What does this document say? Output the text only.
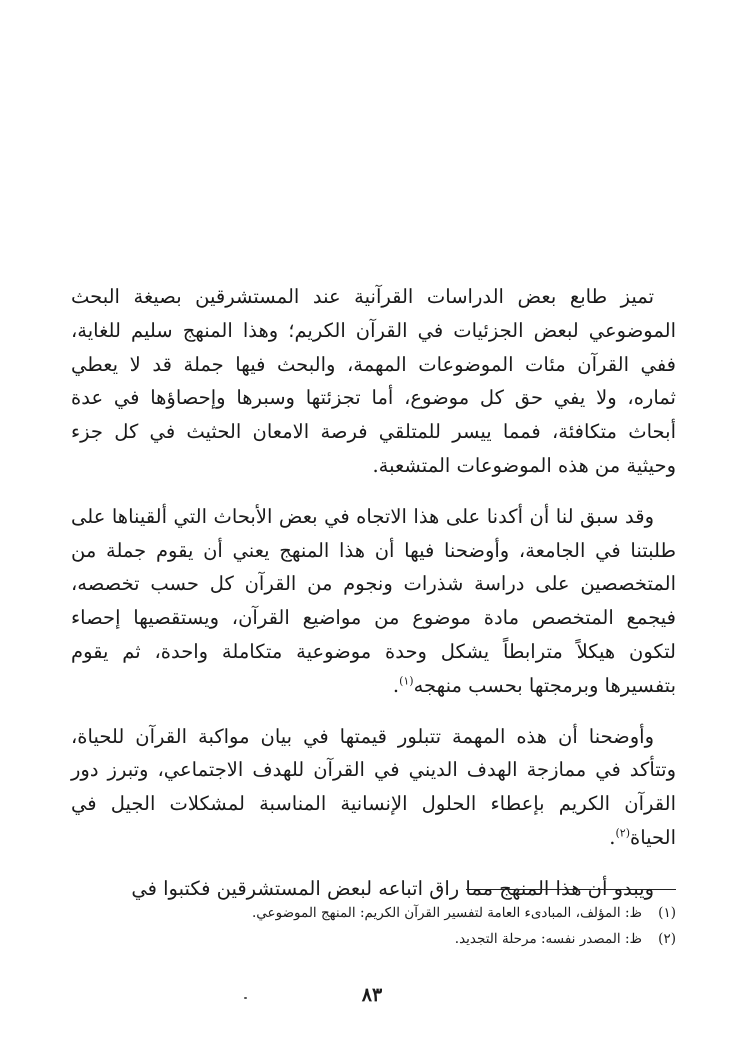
تميز طابع بعض الدراسات القرآنية عند المستشرقين بصيغة البحث الموضوعي لبعض الجزئيات في القرآن الكريم؛ وهذا المنهج سليم للغاية، ففي القرآن مئات الموضوعات المهمة، والبحث فيها جملة قد لا يعطي ثماره، ولا يفي حق كل موضوع، أما تجزئتها وسبرها وإحصاؤها في عدة أبحاث متكافئة، فمما ييسر للمتلقي فرصة الامعان الحثيث في كل جزء وحيثية من هذه الموضوعات المتشعبة.

وقد سبق لنا أن أكدنا على هذا الاتجاه في بعض الأبحاث التي ألقيناها على طلبتنا في الجامعة، وأوضحنا فيها أن هذا المنهج يعني أن يقوم جملة من المتخصصين على دراسة شذرات ونجوم من القرآن كل حسب تخصصه، فيجمع المتخصص مادة موضوع من مواضيع القرآن، ويستقصيها إحصاء لتكون هيكلاً مترابطاً يشكل وحدة موضوعية متكاملة واحدة، ثم يقوم بتفسيرها وبرمجتها بحسب منهجه$^{(١)}$.

وأوضحنا أن هذه المهمة تتبلور قيمتها في بيان مواكبة القرآن للحياة، وتتأكد في ممازجة الهدف الديني في القرآن للهدف الاجتماعي، وتبرز دور القرآن الكريم بإعطاء الحلول الإنسانية المناسبة لمشكلات الجيل في الحياة$^{(٢)}$.

ويبدو أن هذا المنهج مما راق اتباعه لبعض المستشرقين فكتبوا في

(١)ظ: المؤلف، المبادىء العامة لتفسير القرآن الكريم: المنهج الموضوعي.

(٢)ظ: المصدر نفسه: مرحلة التجديد.

٨٣
